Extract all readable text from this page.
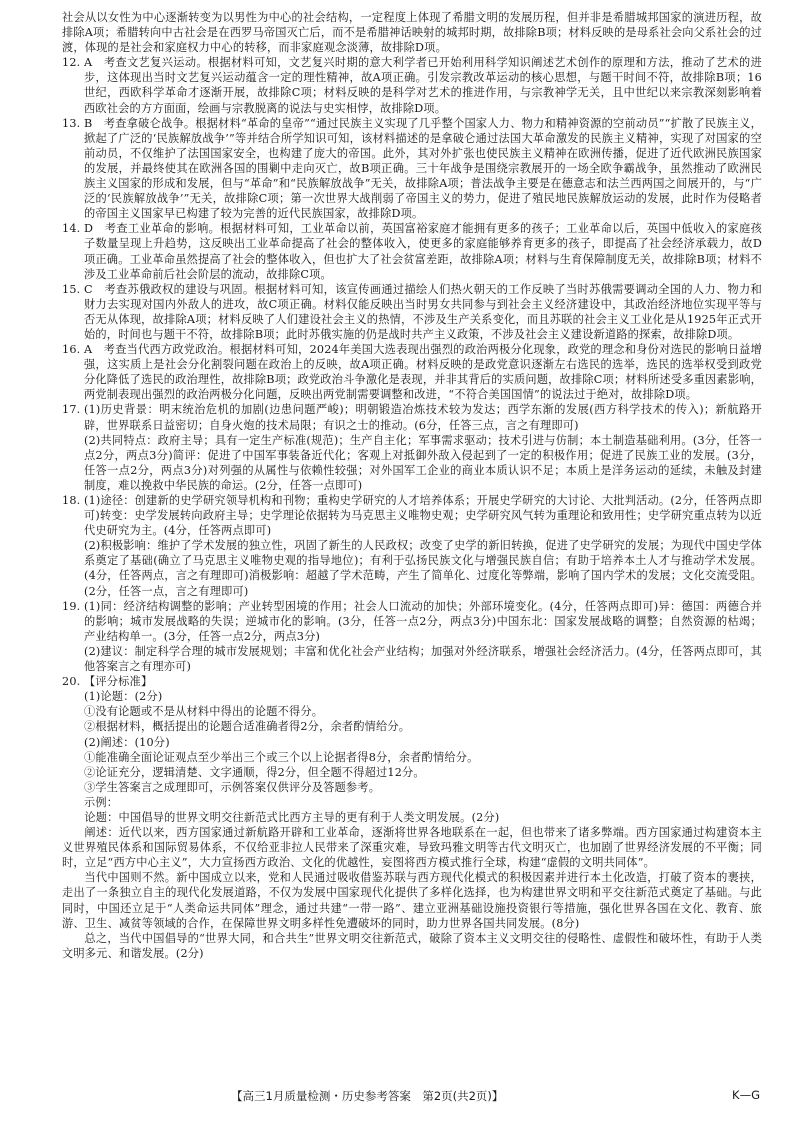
社会从以女性为中心逐渐转变为以男性为中心的社会结构，一定程度上体现了希腊文明的发展历程，但并非是希腊城邦国家的演进历程，故排除A项；希腊转向中古社会是在西罗马帝国灭亡后，而不是希腊神话映射的城邦时期，故排除B项；材料反映的是母系社会向父系社会的过渡，体现的是社会和家庭权力中心的转移，而非家庭观念淡薄，故排除D项。

12. A　考查文艺复兴运动。根据材料可知，文艺复兴时期的意大利学者已开始利用科学知识阐述艺术创作的原理和方法，推动了艺术的进步，这体现出当时文艺复兴运动蕴含一定的理性精神，故A项正确。引发宗教改革运动的核心思想，与题干时间不符，故排除B项；16世纪，西欧科学革命才逐渐开展，故排除C项；材料反映的是科学对艺术的推进作用，与宗教神学无关，且中世纪以来宗教深刻影响着西欧社会的方方面面，绘画与宗教脱离的说法与史实相悖，故排除D项。
13. B　考查拿破仑战争。根据材料“革命的皇帝”“通过民族主义实现了几乎整个国家人力、物力和精神资源的空前动员”“扩散了民族主义，掀起了广泛的‘民族解放战争’”等并结合所学知识可知，该材料描述的是拿破仑通过法国大革命激发的民族主义精神，实现了对国家的空前动员，不仅维护了法国国家安全，也构建了庞大的帝国。此外，其对外扩张也使民族主义精神在欧洲传播，促进了近代欧洲民族国家的发展，并最终使其在欧洲各国的围剿中走向灭亡，故B项正确。三十年战争是围绕宗教展开的一场全欧争霸战争，虽然推动了欧洲民族主义国家的形成和发展，但与“革命”和“民族解放战争”无关，故排除A项；普法战争主要是在德意志和法兰西两国之间展开的，与“广泛的‘民族解放战争’”无关，故排除C项；第一次世界大战削弱了帝国主义的势力，促进了殖民地民族解放运动的发展，此时作为侵略者的帝国主义国家早已构建了较为完善的近代民族国家，故排除D项。
14. D　考查工业革命的影响。根据材料可知，工业革命以前，英国富裕家庭才能拥有更多的孩子；工业革命以后，英国中低收入的家庭孩子数量呈现上升趋势，这反映出工业革命提高了社会的整体收入，使更多的家庭能够养育更多的孩子，即提高了社会经济承载力，故D项正确。工业革命虽然提高了社会的整体收入，但也扩大了社会贫富差距，故排除A项；材料与生育保障制度无关，故排除B项；材料不涉及工业革命前后社会阶层的流动，故排除C项。
15. C　考查苏俄政权的建设与巩固。根据材料可知，该宣传画通过描绘人们热火朝天的工作反映了当时苏俄需要调动全国的人力、物力和财力去实现对国内外敌人的进攻，故C项正确。材料仅能反映出当时男女共同参与到社会主义经济建设中，其政治经济地位实现平等与否无从体现，故排除A项；材料反映了人们建设社会主义的热情，不涉及生产关系变化，而且苏联的社会主义工业化是从1925年正式开始的，时间也与题干不符，故排除B项；此时苏俄实施的仍是战时共产主义政策，不涉及社会主义建设新道路的探索，故排除D项。
16. A　考查当代西方政党政治。根据材料可知，2024年美国大选表现出强烈的政治两极分化现象，政党的理念和身份对选民的影响日益增强，这实质上是社会分化割裂问题在政治上的反映，故A项正确。材料反映的是政党意识逐渐左右选民的选举，选民的选举权受到政党分化降低了选民的政治理性，故排除B项；政党政治斗争激化是表现，并非其背后的实质问题，故排除C项；材料所述受多重因素影响，两党制表现出强烈的政治两极分化问题，反映出两党制需要调整和改进，“不符合美国国情”的说法过于绝对，故排除D项。
17. (1)历史背景：明末统治危机的加剧(边患问题严峻)；明朝锻造冶炼技术较为发达；西学东渐的发展(西方科学技术的传入)；新航路开辟，世界联系日益密切；自身火炮的技术局限；有识之士的推动。(6分，任答三点，言之有理即可)
(2)共同特点：政府主导；具有一定生产标准(规范)；生产自主化；军事需求驱动；技术引进与仿制；本土制造基础利用。(3分，任答一点2分，两点3分)简评：促进了中国军事装备近代化；客观上对抵御外敌入侵起到了一定的积极作用；促进了民族工业的发展。(3分，任答一点2分，两点3分)对列强的从属性与依赖性较强；对外国军工企业的商业本质认识不足；本质上是洋务运动的延续，未触及封建制度，难以挽救中华民族的命运。(2分，任答一点即可)
18. (1)途径：创建新的史学研究领导机构和刊物；重构史学研究的人才培养体系；开展史学研究的大讨论、大批判活动。(2分，任答两点即可)转变：史学发展转向政府主导；史学理论依据转为马克思主义唯物史观；史学研究风气转为重理论和致用性；史学研究重点转为以近代史研究为主。(4分，任答两点即可)
(2)积极影响：维护了学术发展的独立性，巩固了新生的人民政权；改变了史学的新旧转换，促进了史学研究的发展；为现代中国史学体系奠定了基础(确立了马克思主义唯物史观的指导地位)；有利于弘扬民族文化与增强民族自信；有助于培养本土人才与推动学术发展。(4分，任答两点，言之有理即可)消极影响：超越了学术范畴，产生了简单化、过度化等弊端，影响了国内学术的发展；文化交流受阻。(2分，任答一点，言之有理即可)
19. (1)同：经济结构调整的影响；产业转型困境的作用；社会人口流动的加快；外部环境变化。(4分，任答两点即可)异：德国：两德合并的影响；城市发展战略的失误；逆城市化的影响。(3分，任答一点2分，两点3分)中国东北：国家发展战略的调整；自然资源的枯竭；产业结构单一。(3分，任答一点2分，两点3分)
(2)建议：制定科学合理的城市发展规划；丰富和优化社会产业结构；加强对外经济联系，增强社会经济活力。(4分，任答两点即可，其他答案言之有理亦可)
20. 【评分标准】
(1)论题：(2分)
①没有论题或不是从材料中得出的论题不得分。
②根据材料，概括提出的论题合适准确者得2分，余者酌情给分。
(2)阐述：(10分)
①能准确全面论证观点至少举出三个或三个以上论据者得8分，余者酌情给分。
②论证充分，逻辑清楚、文字通顺，得2分，但全题不得超过12分。
③学生答案言之成理即可，示例答案仅供评分及答题参考。
示例：
论题：中国倡导的世界文明交往新范式比西方主导的更有利于人类文明发展。(2分)
阐述：近代以来，西方国家通过新航路开辟和工业革命，逐渐将世界各地联系在一起，但也带来了诸多弊端。西方国家通过构建资本主义世界殖民体系和国际贸易体系，不仅给亚非拉人民带来了深重灾难，导致玛雅文明等古代文明灭亡，也加剧了世界经济发展的不平衡；同时，立足“西方中心主义”，大力宣扬西方政治、文化的优越性，妄图将西方模式推行全球，构建“虚假的文明共同体”。
当代中国则不然。新中国成立以来，党和人民通过吸收借鉴苏联与西方现代化模式的积极因素并进行本土化改造，打破了资本的裹挟，走出了一条独立自主的现代化发展道路，不仅为发展中国家现代化提供了多样化选择，也为构建世界文明和平交往新范式奠定了基础。与此同时，中国还立足于“人类命运共同体”理念，通过共建“一带一路”、建立亚洲基础设施投资银行等措施，强化世界各国在文化、教育、旅游、卫生、减贫等领域的合作，在保障世界文明多样性免遭破坏的同时，助力世界各国共同发展。(8分)
总之，当代中国倡导的“世界大同，和合共生”世界文明交往新范式，破除了资本主义文明交往的侵略性、虚假性和破坏性，有助于人类文明多元、和谐发展。(2分)
【高三1月质量检测・历史参考答案　第2页(共2页)】	K—G
